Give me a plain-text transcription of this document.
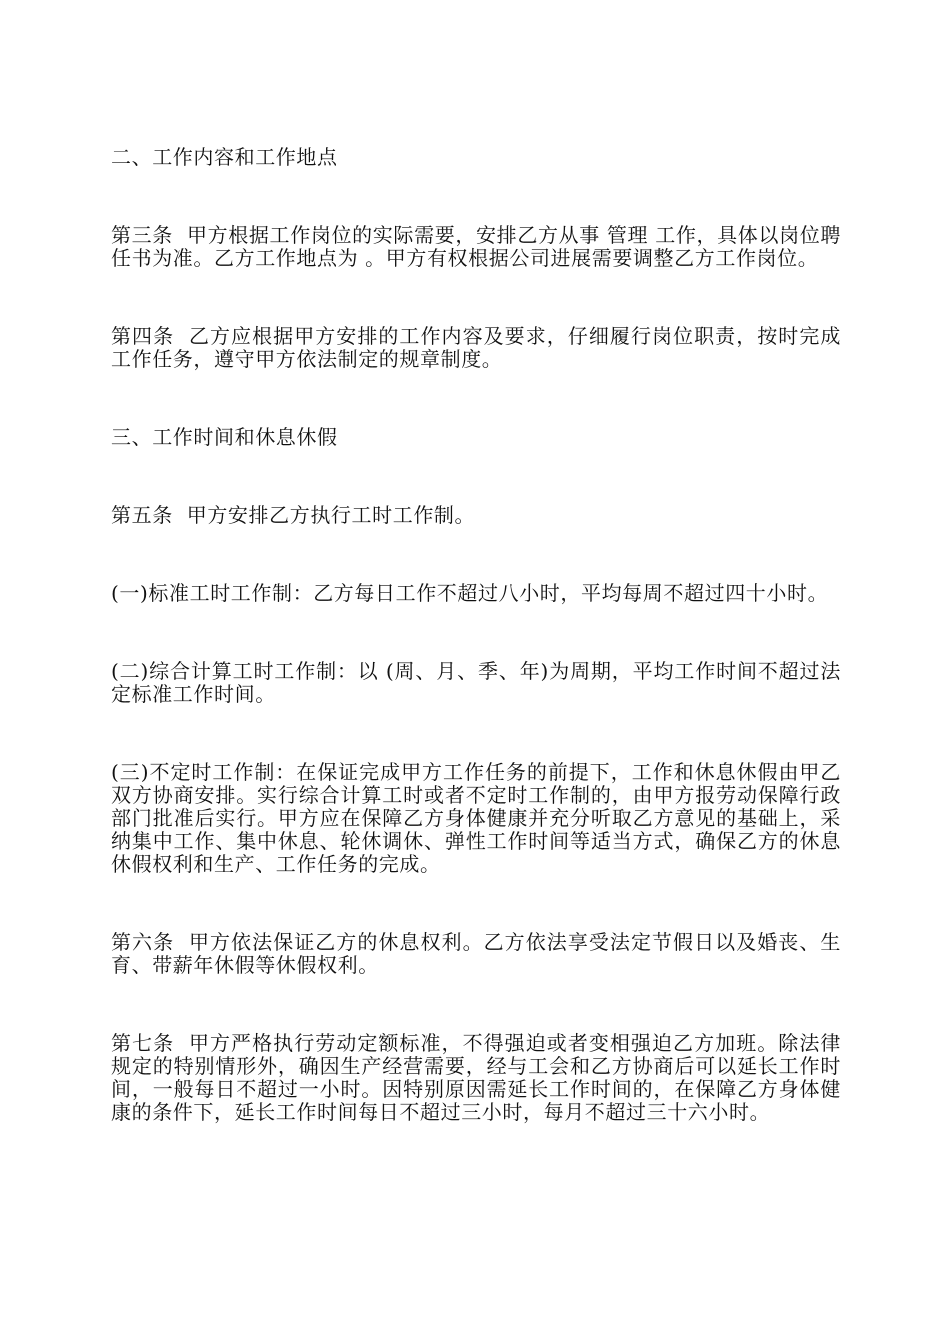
二、工作内容和工作地点

第三条  甲方根据工作岗位的实际需要，安排乙方从事 管理 工作，具体以岗位聘任书为准。乙方工作地点为 。甲方有权根据公司进展需要调整乙方工作岗位。

第四条  乙方应根据甲方安排的工作内容及要求，仔细履行岗位职责，按时完成工作任务，遵守甲方依法制定的规章制度。

三、工作时间和休息休假

第五条  甲方安排乙方执行工时工作制。

(一)标准工时工作制：乙方每日工作不超过八小时，平均每周不超过四十小时。

(二)综合计算工时工作制：以 (周、月、季、年)为周期，平均工作时间不超过法定标准工作时间。

(三)不定时工作制：在保证完成甲方工作任务的前提下，工作和休息休假由甲乙双方协商安排。实行综合计算工时或者不定时工作制的，由甲方报劳动保障行政部门批准后实行。甲方应在保障乙方身体健康并充分听取乙方意见的基础上，采纳集中工作、集中休息、轮休调休、弹性工作时间等适当方式，确保乙方的休息休假权利和生产、工作任务的完成。

第六条  甲方依法保证乙方的休息权利。乙方依法享受法定节假日以及婚丧、生育、带薪年休假等休假权利。

第七条  甲方严格执行劳动定额标准，不得强迫或者变相强迫乙方加班。除法律规定的特别情形外，确因生产经营需要，经与工会和乙方协商后可以延长工作时间，一般每日不超过一小时。因特别原因需延长工作时间的，在保障乙方身体健康的条件下，延长工作时间每日不超过三小时，每月不超过三十六小时。
